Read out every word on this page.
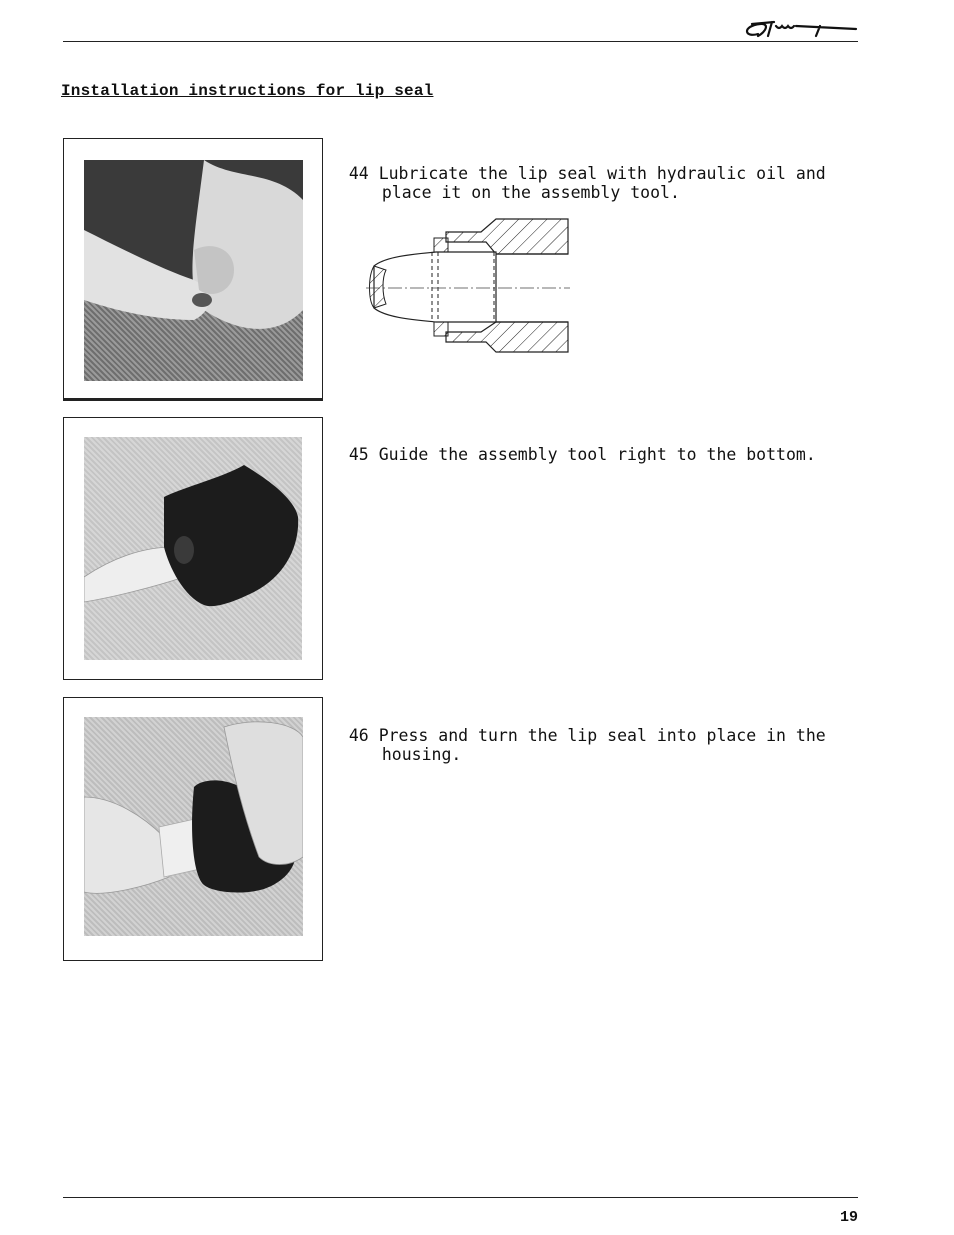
Installation instructions for lip seal

44 Lubricate the lip seal with hydraulic oil and

place it on the assembly tool.

45 Guide the assembly tool right to the bottom.

46 Press and turn the lip seal into place in the

housing.

19
